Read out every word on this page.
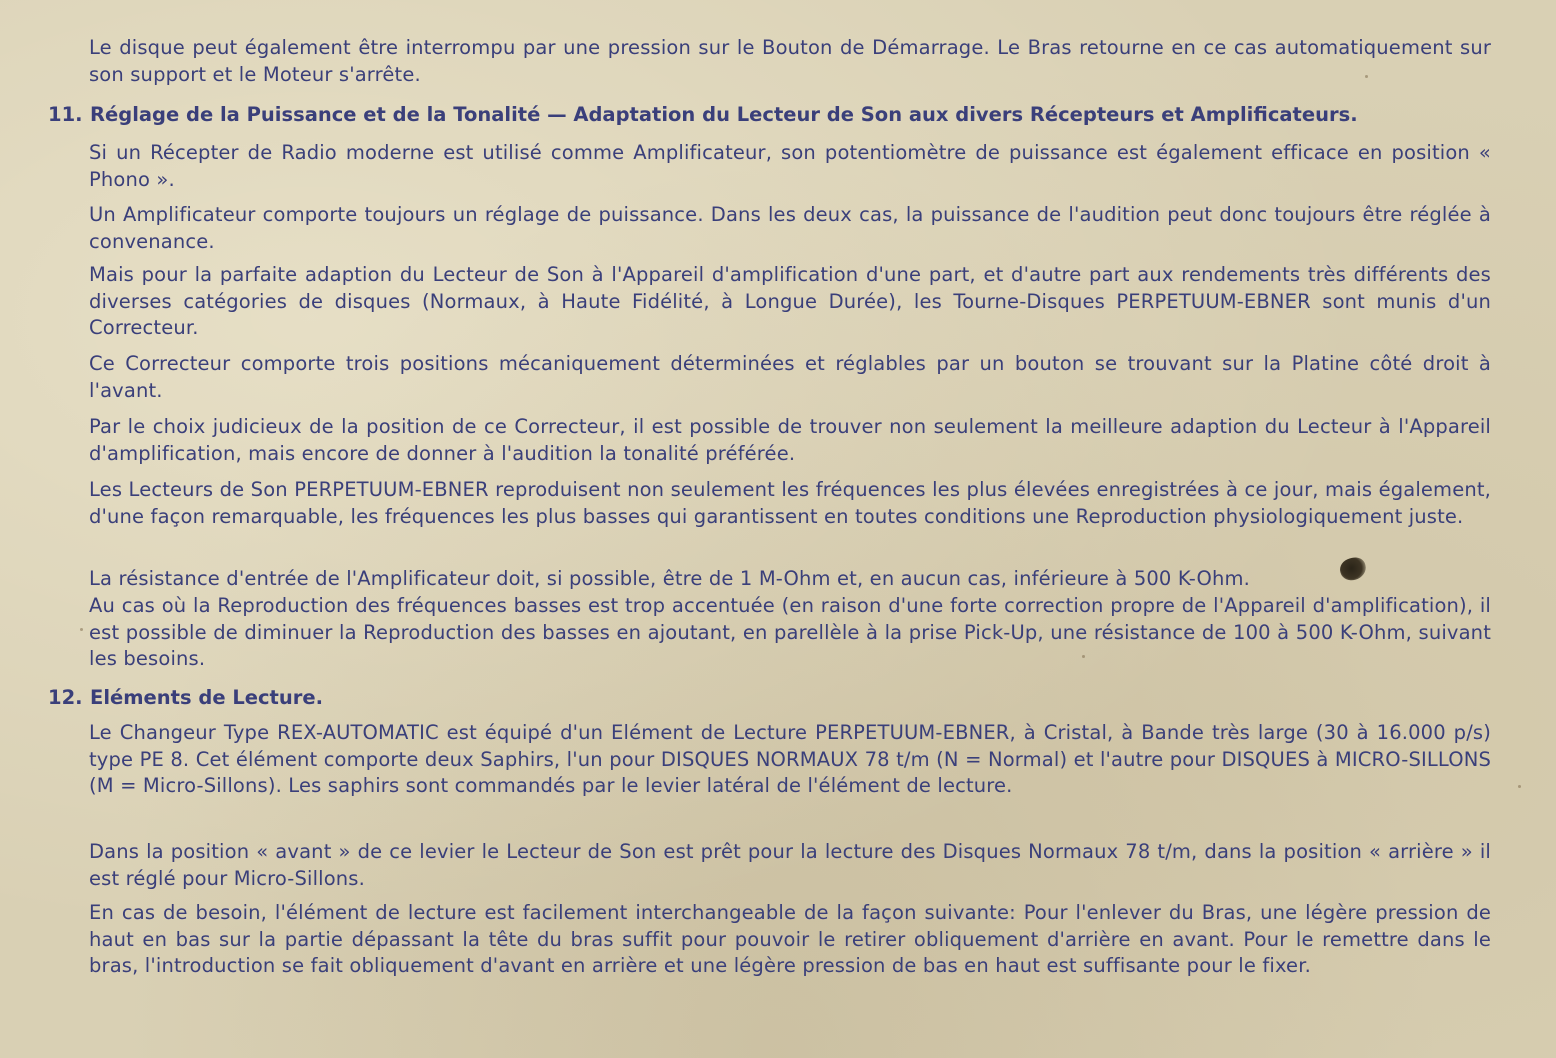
Le disque peut également être interrompu par une pression sur le Bouton de Démarrage. Le Bras retourne en ce cas automatiquement sur son support et le Moteur s'arrête.

11. Réglage de la Puissance et de la Tonalité — Adaptation du Lecteur de Son aux divers Récepteurs et Amplificateurs.

Si un Récepter de Radio moderne est utilisé comme Amplificateur, son potentiomètre de puissance est également efficace en position « Phono ».

Un Amplificateur comporte toujours un réglage de puissance. Dans les deux cas, la puissance de l'audition peut donc toujours être réglée à convenance.

Mais pour la parfaite adaption du Lecteur de Son à l'Appareil d'amplification d'une part, et d'autre part aux rendements très différents des diverses catégories de disques (Normaux, à Haute Fidélité, à Longue Durée), les Tourne-Disques PERPETUUM-EBNER sont munis d'un Correcteur.

Ce Correcteur comporte trois positions mécaniquement déterminées et réglables par un bouton se trouvant sur la Platine côté droit à l'avant.

Par le choix judicieux de la position de ce Correcteur, il est possible de trouver non seulement la meilleure adaption du Lecteur à l'Appareil d'amplification, mais encore de donner à l'audition la tonalité préférée.

Les Lecteurs de Son PERPETUUM-EBNER reproduisent non seulement les fréquences les plus élevées enregistrées à ce jour, mais également, d'une façon remarquable, les fréquences les plus basses qui garantissent en toutes conditions une Reproduction physiologiquement juste.

La résistance d'entrée de l'Amplificateur doit, si possible, être de 1 M-Ohm et, en aucun cas, inférieure à 500 K-Ohm.

Au cas où la Reproduction des fréquences basses est trop accentuée (en raison d'une forte correction propre de l'Appareil d'amplification), il est possible de diminuer la Reproduction des basses en ajoutant, en parellèle à la prise Pick-Up, une résistance de 100 à 500 K-Ohm, suivant les besoins.

12. Eléments de Lecture.

Le Changeur Type REX-AUTOMATIC est équipé d'un Elément de Lecture PERPETUUM-EBNER, à Cristal, à Bande très large (30 à 16.000 p/s) type PE 8. Cet élément comporte deux Saphirs, l'un pour DISQUES NORMAUX 78 t/m (N = Normal) et l'autre pour DISQUES à MICRO-SILLONS (M = Micro-Sillons). Les saphirs sont commandés par le levier latéral de l'élément de lecture.

Dans la position « avant » de ce levier le Lecteur de Son est prêt pour la lecture des Disques Normaux 78 t/m, dans la position « arrière » il est réglé pour Micro-Sillons.

En cas de besoin, l'élément de lecture est facilement interchangeable de la façon suivante: Pour l'enlever du Bras, une légère pression de haut en bas sur la partie dépassant la tête du bras suffit pour pouvoir le retirer obliquement d'arrière en avant. Pour le remettre dans le bras, l'introduction se fait obliquement d'avant en arrière et une légère pression de bas en haut est suffisante pour le fixer.
